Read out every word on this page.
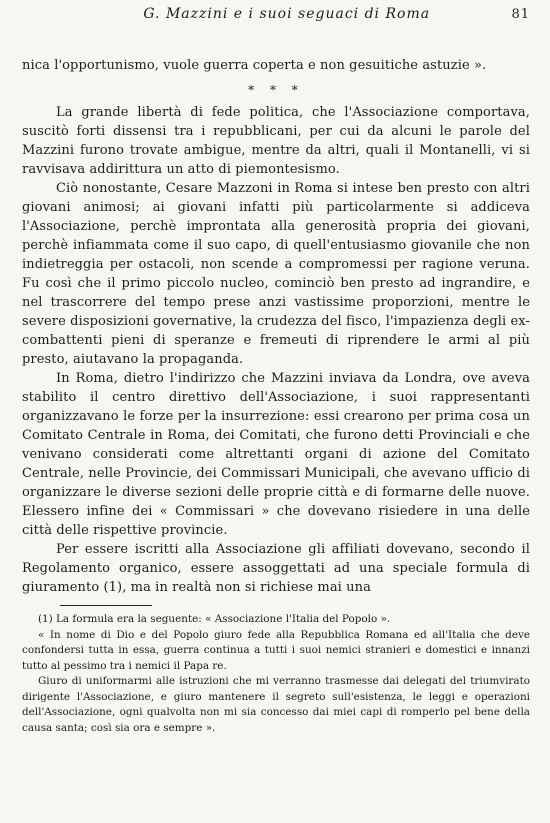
G. Mazzini e i suoi seguaci di Roma	81

nica l'opportunismo, vuole guerra coperta e non gesuitiche astuzie ».

* * *

La grande libertà di fede politica, che l'Associazione comportava, suscitò forti dissensi tra i repubblicani, per cui da alcuni le parole del Mazzini furono trovate ambigue, mentre da altri, quali il Montanelli, vi si ravvisava addirittura un atto di piemontesismo.

Ciò nonostante, Cesare Mazzoni in Roma si intese ben presto con altri giovani animosi; ai giovani infatti più particolarmente si addiceva l'Associazione, perchè improntata alla generosità propria dei giovani, perchè infiammata come il suo capo, di quell'entusiasmo giovanile che non indietreggia per ostacoli, non scende a compromessi per ragione veruna. Fu così che il primo piccolo nucleo, cominciò ben presto ad ingrandire, e nel trascorrere del tempo prese anzi vastissime proporzioni, mentre le severe disposizioni governative, la crudezza del fisco, l'impazienza degli ex-combattenti pieni di speranze e fremeuti di riprendere le armi al più presto, aiutavano la propaganda.

In Roma, dietro l'indirizzo che Mazzini inviava da Londra, ove aveva stabilito il centro direttivo dell'Associazione, i suoi rappresentanti organizzavano le forze per la insurrezione: essi crearono per prima cosa un Comitato Centrale in Roma, dei Comitati, che furono detti Provinciali e che venivano considerati come altrettanti organi di azione del Comitato Centrale, nelle Provincie, dei Commissari Municipali, che avevano ufficio di organizzare le diverse sezioni delle proprie città e di formarne delle nuove. Elessero infine dei « Commissari » che dovevano risiedere in una delle città delle rispettive provincie.

Per essere iscritti alla Associazione gli affiliati dovevano, secondo il Regolamento organico, essere assoggettati ad una speciale formula di giuramento (1), ma in realtà non si richiese mai una

(1) La formula era la seguente: « Associazione l'Italia del Popolo ».

« In nome di Dio e del Popolo giuro fede alla Repubblica Romana ed all'Italia che deve confondersi tutta in essa, guerra continua a tutti i suoi nemici stranieri e domestici e innanzi tutto al pessimo tra i nemici il Papa re.

Giuro di uniformarmi alle istruzioni che mi verranno trasmesse dai delegati del triumvirato dirigente l'Associazione, e giuro mantenere il segreto sull'esistenza, le leggi e operazioni dell'Associazione, ogni qualvolta non mi sia concesso dai miei capi di romperlo pel bene della causa santa; così sia ora e sempre ».
